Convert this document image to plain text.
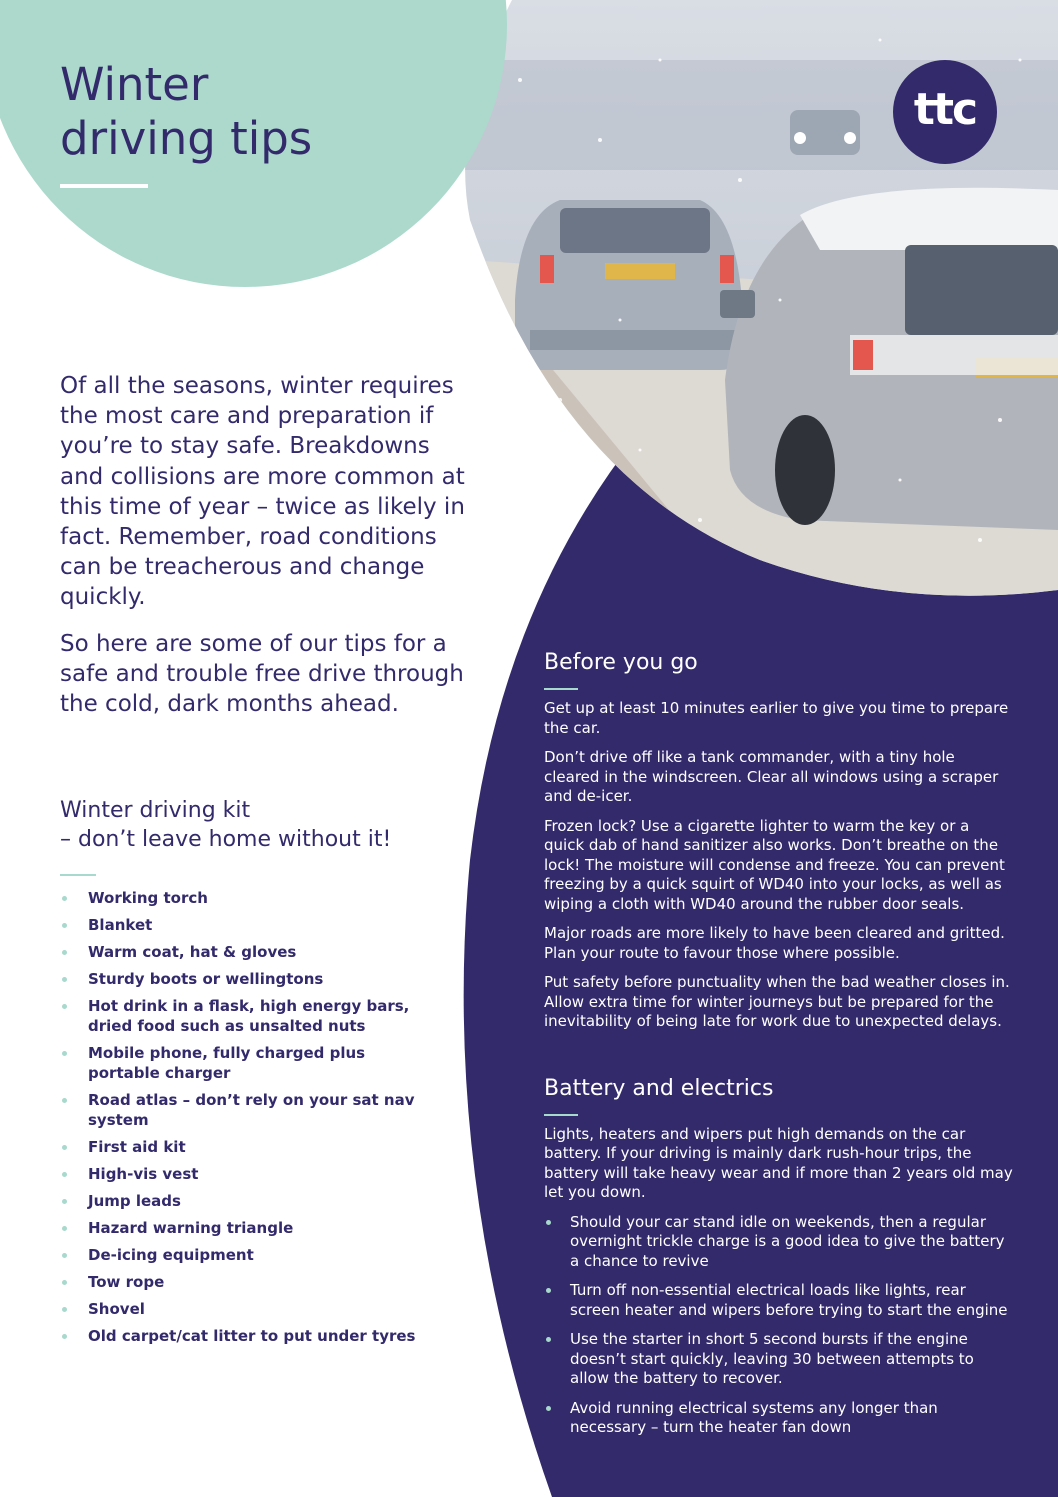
ttc
Winter
driving tips

Of all the seasons, winter requires the most care and preparation if you’re to stay safe. Breakdowns and collisions are more common at this time of year – twice as likely in fact. Remember, road conditions can be treacherous and change quickly.

So here are some of our tips for a safe and trouble free drive through the cold, dark months ahead.

Winter driving kit
– don’t leave home without it!
Working torch
Blanket
Warm coat, hat & gloves
Sturdy boots or wellingtons
Hot drink in a flask, high energy bars, dried food such as unsalted nuts
Mobile phone, fully charged plus portable charger
Road atlas – don’t rely on your sat nav system
First aid kit
High-vis vest
Jump leads
Hazard warning triangle
De-icing equipment
Tow rope
Shovel
Old carpet/cat litter to put under tyres
Before you go

Get up at least 10 minutes earlier to give you time to prepare the car.

Don’t drive off like a tank commander, with a tiny hole cleared in the windscreen. Clear all windows using a scraper and de-icer.

Frozen lock? Use a cigarette lighter to warm the key or a quick dab of hand sanitizer also works. Don’t breathe on the lock! The moisture will condense and freeze. You can prevent freezing by a quick squirt of WD40 into your locks, as well as wiping a cloth with WD40 around the rubber door seals.

Major roads are more likely to have been cleared and gritted. Plan your route to favour those where possible.

Put safety before punctuality when the bad weather closes in. Allow extra time for winter journeys but be prepared for the inevitability of being late for work due to unexpected delays.

Battery and electrics

Lights, heaters and wipers put high demands on the car battery. If your driving is mainly dark rush-hour trips, the battery will take heavy wear and if more than 2 years old may let you down.

Should your car stand idle on weekends, then a regular overnight trickle charge is a good idea to give the battery a chance to revive
Turn off non-essential electrical loads like lights, rear screen heater and wipers before trying to start the engine
Use the starter in short 5 second bursts if the engine doesn’t start quickly, leaving 30 between attempts to allow the battery to recover.
Avoid running electrical systems any longer than necessary – turn the heater fan down
